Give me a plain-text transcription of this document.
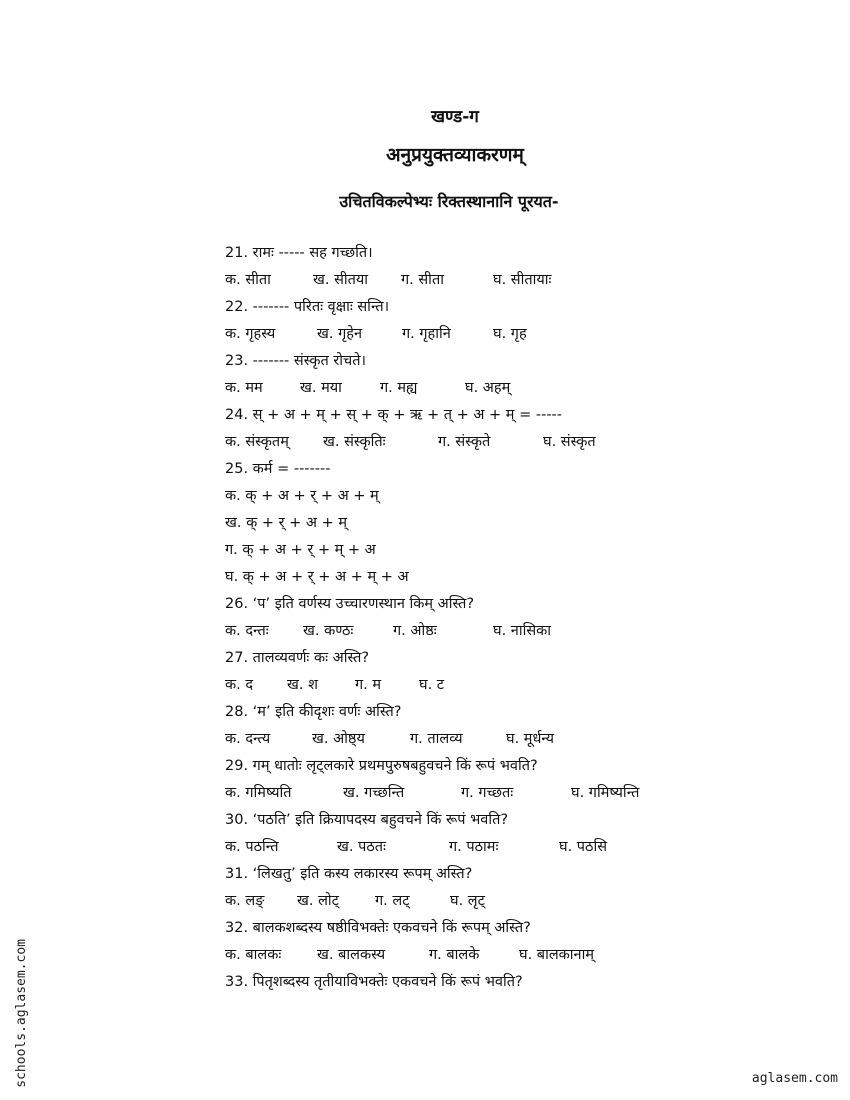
खण्ड-ग
अनुप्रयुक्तव्याकरणम्
उचितविकल्पेभ्यः रिक्तस्थानानि पूरयत-
21. रामः ----- सह गच्छति।
क. सीता	ख. सीतया	ग. सीता	घ. सीतायाः
22. ------- परितः वृक्षाः सन्ति।
क. गृहस्य	ख. गृहेन	ग. गृहानि	घ. गृह
23. ------- संस्कृत रोचते।
क. मम	ख. मया	ग. मह्य	घ. अहम्
24. स् + अ + म् + स् + क् + ऋ + त् + अ + म् = -----
क. संस्कृतम्	ख. संस्कृतिः	ग. संस्कृते	घ. संस्कृत
25. कर्म = -------
क. क् + अ + र् + अ + म्
ख. क् + र् + अ + म्
ग. क् + अ + र् + म् + अ
घ. क् + अ + र् + अ + म् + अ
26. ‘प’ इति वर्णस्य उच्चारणस्थान किम् अस्ति?
क. दन्तः	ख. कण्ठः	ग. ओष्ठः	घ. नासिका
27. तालव्यवर्णः कः अस्ति?
क. द	ख. श	ग. म	घ. ट
28. ‘म’ इति कीदृशः वर्णः अस्ति?
क. दन्त्य	ख. ओष्ठ्य	ग. तालव्य	घ. मूर्धन्य
29. गम् धातोः लृट्लकारे प्रथमपुरुषबहुवचने किं रूपं भवति?
क. गमिष्यति	ख. गच्छन्ति	ग. गच्छतः	घ. गमिष्यन्ति
30. ‘पठति’ इति क्रियापदस्य बहुवचने किं रूपं भवति?
क. पठन्ति	ख. पठतः	ग. पठामः	घ. पठसि
31. ‘लिखतु’ इति कस्य लकारस्य रूपम् अस्ति?
क. लङ्	ख. लोट्	ग. लट्	घ. लृट्
32. बालकशब्दस्य षष्ठीविभक्तेः एकवचने किं रूपम् अस्ति?
क. बालकः	ख. बालकस्य	ग. बालके	घ. बालकानाम्
33. पितृशब्दस्य तृतीयाविभक्तेः एकवचने किं रूपं भवति?
schools.aglasem.com	aglasem.com
